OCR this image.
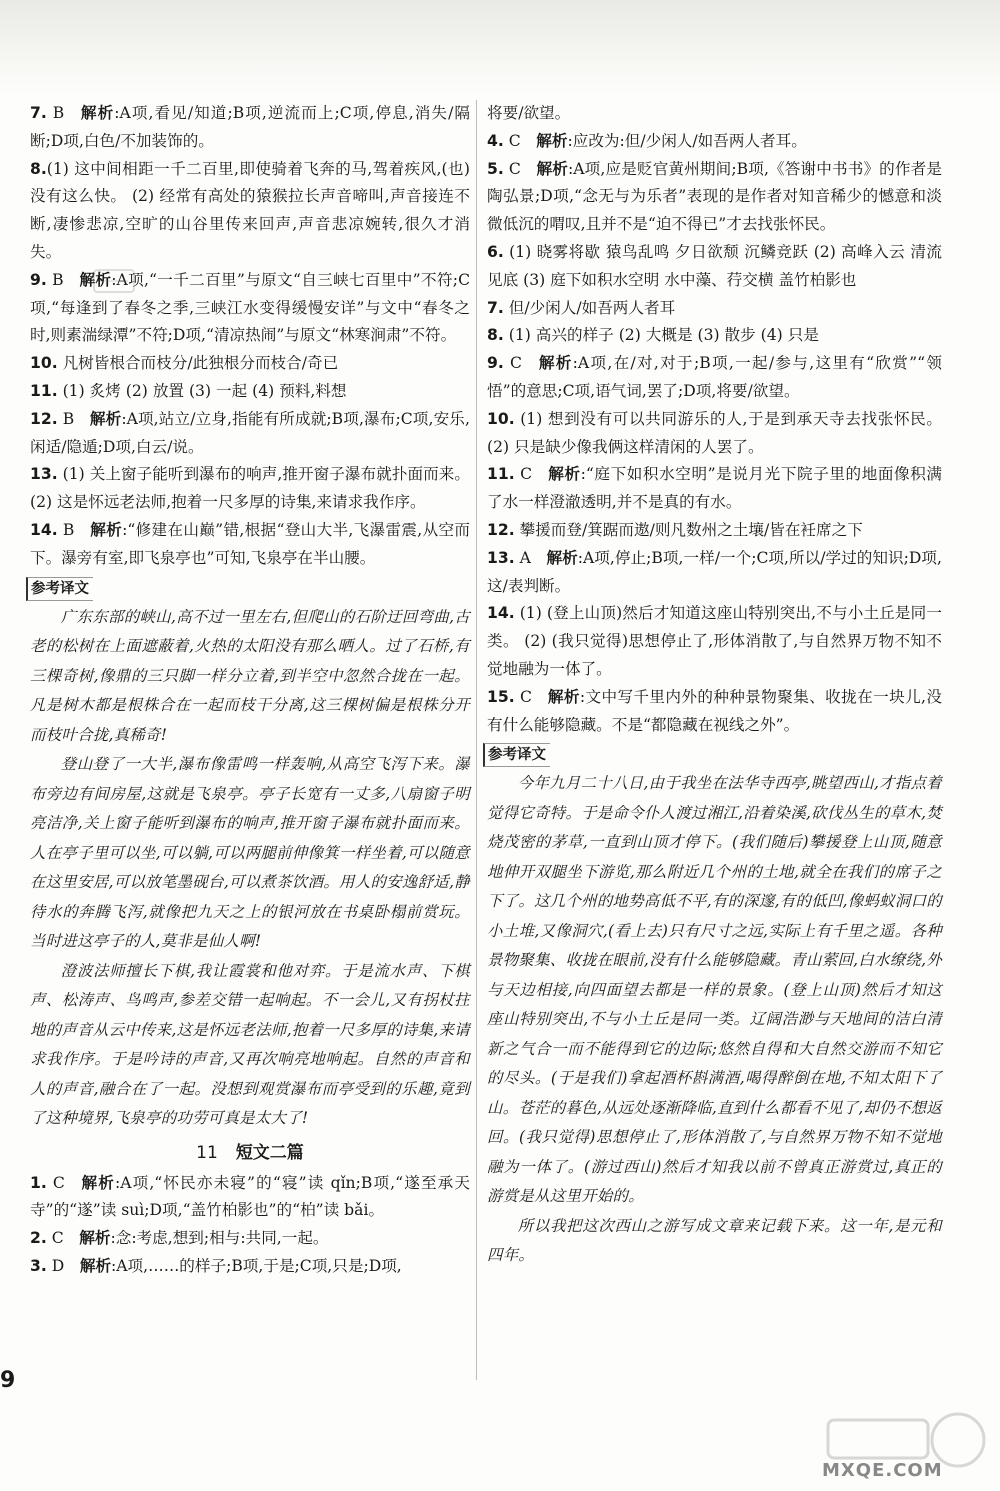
7. B  解析:A项,看见/知道;B项,逆流而上;C项,停息,消失/隔断;D项,白色/不加装饰的。

8.(1) 这中间相距一千二百里,即使骑着飞奔的马,驾着疾风,(也)没有这么快。 (2) 经常有高处的猿猴拉长声音啼叫,声音接连不断,凄惨悲凉,空旷的山谷里传来回声,声音悲凉婉转,很久才消失。

9. B  解析:A项,“一千二百里”与原文“自三峡七百里中”不符;C项,“每逢到了春冬之季,三峡江水变得缓慢安详”与文中“春冬之时,则素湍绿潭”不符;D项,“清凉热闹”与原文“林寒涧肃”不符。

10. 凡树皆根合而枝分/此独根分而枝合/奇已

11. (1) 炙烤 (2) 放置 (3) 一起 (4) 预料,料想

12. B  解析:A项,站立/立身,指能有所成就;B项,瀑布;C项,安乐,闲适/隐遁;D项,白云/说。

13. (1) 关上窗子能听到瀑布的响声,推开窗子瀑布就扑面而来。 (2) 这是怀远老法师,抱着一尺多厚的诗集,来请求我作序。

14. B  解析:“修建在山巅”错,根据“登山大半,飞瀑雷震,从空而下。瀑旁有室,即飞泉亭也”可知,飞泉亭在半山腰。

参考译文

广东东部的峡山,高不过一里左右,但爬山的石阶迂回弯曲,古老的松树在上面遮蔽着,火热的太阳没有那么晒人。过了石桥,有三棵奇树,像鼎的三只脚一样分立着,到半空中忽然合拢在一起。凡是树木都是根株合在一起而枝干分离,这三棵树偏是根株分开而枝叶合拢,真稀奇!

登山登了一大半,瀑布像雷鸣一样轰响,从高空飞泻下来。瀑布旁边有间房屋,这就是飞泉亭。亭子长宽有一丈多,八扇窗子明亮洁净,关上窗子能听到瀑布的响声,推开窗子瀑布就扑面而来。人在亭子里可以坐,可以躺,可以两腿前伸像箕一样坐着,可以随意在这里安居,可以放笔墨砚台,可以煮茶饮酒。用人的安逸舒适,静待水的奔腾飞泻,就像把九天之上的银河放在书桌卧榻前赏玩。当时进这亭子的人,莫非是仙人啊!

澄波法师擅长下棋,我让霞裳和他对弈。于是流水声、下棋声、松涛声、鸟鸣声,参差交错一起响起。不一会儿,又有拐杖拄地的声音从云中传来,这是怀远老法师,抱着一尺多厚的诗集,来请求我作序。于是吟诗的声音,又再次响亮地响起。自然的声音和人的声音,融合在了一起。没想到观赏瀑布而亭受到的乐趣,竟到了这种境界,飞泉亭的功劳可真是太大了!

11 短文二篇

1. C  解析:A项,“怀民亦未寝”的“寝”读 qǐn;B项,“遂至承天寺”的“遂”读 suì;D项,“盖竹柏影也”的“柏”读 bǎi。

2. C  解析:念:考虑,想到;相与:共同,一起。

3. D  解析:A项,……的样子;B项,于是;C项,只是;D项,

将要/欲望。

4. C  解析:应改为:但/少闲人/如吾两人者耳。

5. C  解析:A项,应是贬官黄州期间;B项,《答谢中书书》的作者是陶弘景;D项,“念无与为乐者”表现的是作者对知音稀少的憾意和淡微低沉的喟叹,且并不是“迫不得已”才去找张怀民。

6. (1) 晓雾将歇 猿鸟乱鸣 夕日欲颓 沉鳞竞跃 (2) 高峰入云 清流见底 (3) 庭下如积水空明 水中藻、荇交横 盖竹柏影也

7. 但/少闲人/如吾两人者耳

8. (1) 高兴的样子 (2) 大概是 (3) 散步 (4) 只是

9. C  解析:A项,在/对,对于;B项,一起/参与,这里有“欣赏”“领悟”的意思;C项,语气词,罢了;D项,将要/欲望。

10. (1) 想到没有可以共同游乐的人,于是到承天寺去找张怀民。 (2) 只是缺少像我俩这样清闲的人罢了。

11. C  解析:“庭下如积水空明”是说月光下院子里的地面像积满了水一样澄澈透明,并不是真的有水。

12. 攀援而登/箕踞而遨/则凡数州之土壤/皆在衽席之下

13. A  解析:A项,停止;B项,一样/一个;C项,所以/学过的知识;D项,这/表判断。

14. (1) (登上山顶)然后才知道这座山特别突出,不与小土丘是同一类。 (2) (我只觉得)思想停止了,形体消散了,与自然界万物不知不觉地融为一体了。

15. C  解析:文中写千里内外的种种景物聚集、收拢在一块儿,没有什么能够隐藏。不是“都隐藏在视线之外”。

参考译文

今年九月二十八日,由于我坐在法华寺西亭,眺望西山,才指点着觉得它奇特。于是命令仆人渡过湘江,沿着染溪,砍伐丛生的草木,焚烧茂密的茅草,一直到山顶才停下。(我们随后)攀援登上山顶,随意地伸开双腿坐下游览,那么附近几个州的土地,就全在我们的席子之下了。这几个州的地势高低不平,有的深邃,有的低凹,像蚂蚁洞口的小土堆,又像洞穴,(看上去)只有尺寸之远,实际上有千里之遥。各种景物聚集、收拢在眼前,没有什么能够隐藏。青山萦回,白水缭绕,外与天边相接,向四面望去都是一样的景象。(登上山顶)然后才知这座山特别突出,不与小土丘是同一类。辽阔浩渺与天地间的洁白清新之气合一而不能得到它的边际;悠然自得和大自然交游而不知它的尽头。(于是我们)拿起酒杯斟满酒,喝得醉倒在地,不知太阳下了山。苍茫的暮色,从远处逐渐降临,直到什么都看不见了,却仍不想返回。(我只觉得)思想停止了,形体消散了,与自然界万物不知不觉地融为一体了。(游过西山)然后才知我以前不曾真正游赏过,真正的游赏是从这里开始的。

所以我把这次西山之游写成文章来记载下来。这一年,是元和四年。

9
MXQE.COM
